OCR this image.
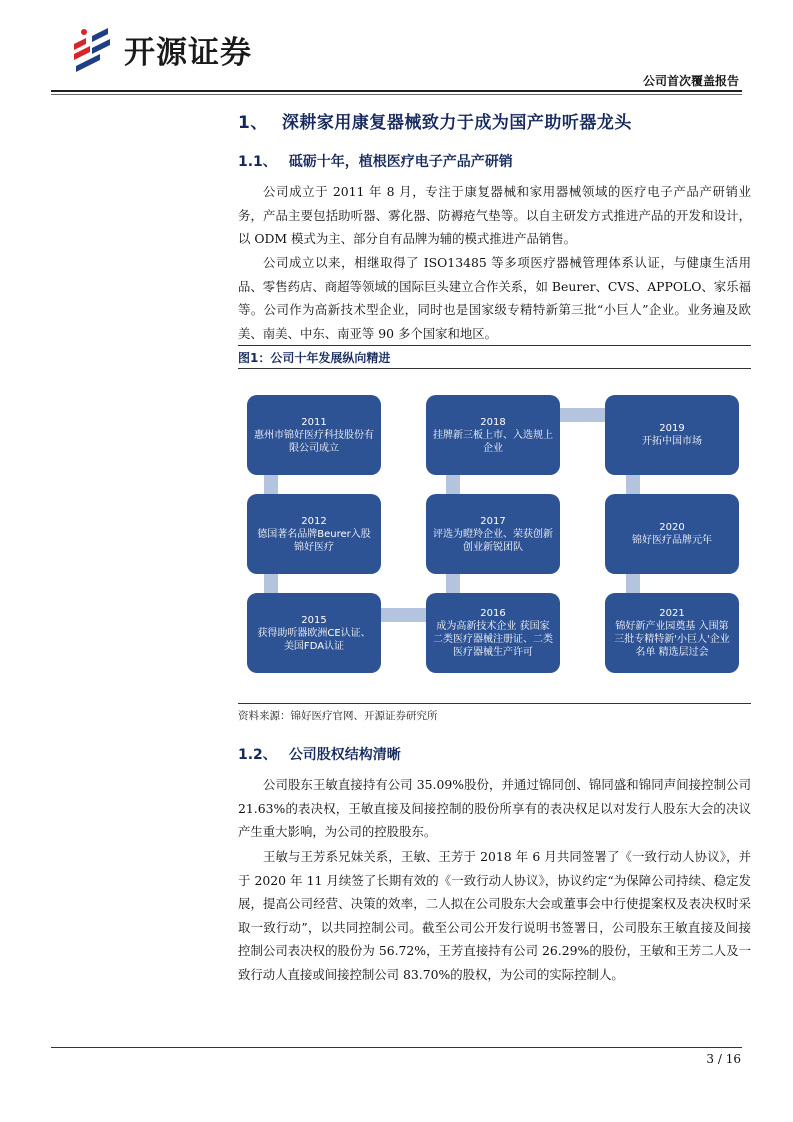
开源证券
公司首次覆盖报告
1、 深耕家用康复器械致力于成为国产助听器龙头
1.1、 砥砺十年，植根医疗电子产品产研销

公司成立于 2011 年 8 月，专注于康复器械和家用器械领域的医疗电子产品产研销业务，产品主要包括助听器、雾化器、防褥疮气垫等。以自主研发方式推进产品的开发和设计，以 ODM 模式为主、部分自有品牌为辅的模式推进产品销售。

公司成立以来，相继取得了 ISO13485 等多项医疗器械管理体系认证，与健康生活用品、零售药店、商超等领域的国际巨头建立合作关系，如 Beurer、CVS、APPOLO、家乐福等。公司作为高新技术型企业，同时也是国家级专精特新第三批“小巨人”企业。业务遍及欧美、南美、中东、南亚等 90 多个国家和地区。

图1：公司十年发展纵向精进
2011
惠州市锦好医疗科技股份有限公司成立
2012
德国著名品牌Beurer入股锦好医疗
2015
获得助听器欧洲CE认证、美国FDA认证
2016
成为高新技术企业 获国家二类医疗器械注册证、二类医疗器械生产许可
2017
评选为瞪羚企业、荣获创新创业新锐团队
2018
挂牌新三板上市、入选规上企业
2019
开拓中国市场
2020
锦好医疗品牌元年
2021
锦好新产业园奠基 入围第三批专精特新'小巨人'企业名单 精选层过会
资料来源：锦好医疗官网、开源证券研究所
1.2、 公司股权结构清晰

公司股东王敏直接持有公司 35.09%股份，并通过锦同创、锦同盛和锦同声间接控制公司 21.63%的表决权，王敏直接及间接控制的股份所享有的表决权足以对发行人股东大会的决议产生重大影响，为公司的控股股东。

王敏与王芳系兄妹关系，王敏、王芳于 2018 年 6 月共同签署了《一致行动人协议》，并于 2020 年 11 月续签了长期有效的《一致行动人协议》，协议约定“为保障公司持续、稳定发展，提高公司经营、决策的效率，二人拟在公司股东大会或董事会中行使提案权及表决权时采取一致行动”，以共同控制公司。截至公司公开发行说明书签署日，公司股东王敏直接及间接控制公司表决权的股份为 56.72%，王芳直接持有公司 26.29%的股份，王敏和王芳二人及一致行动人直接或间接控制公司 83.70%的股权，为公司的实际控制人。

3 / 16
